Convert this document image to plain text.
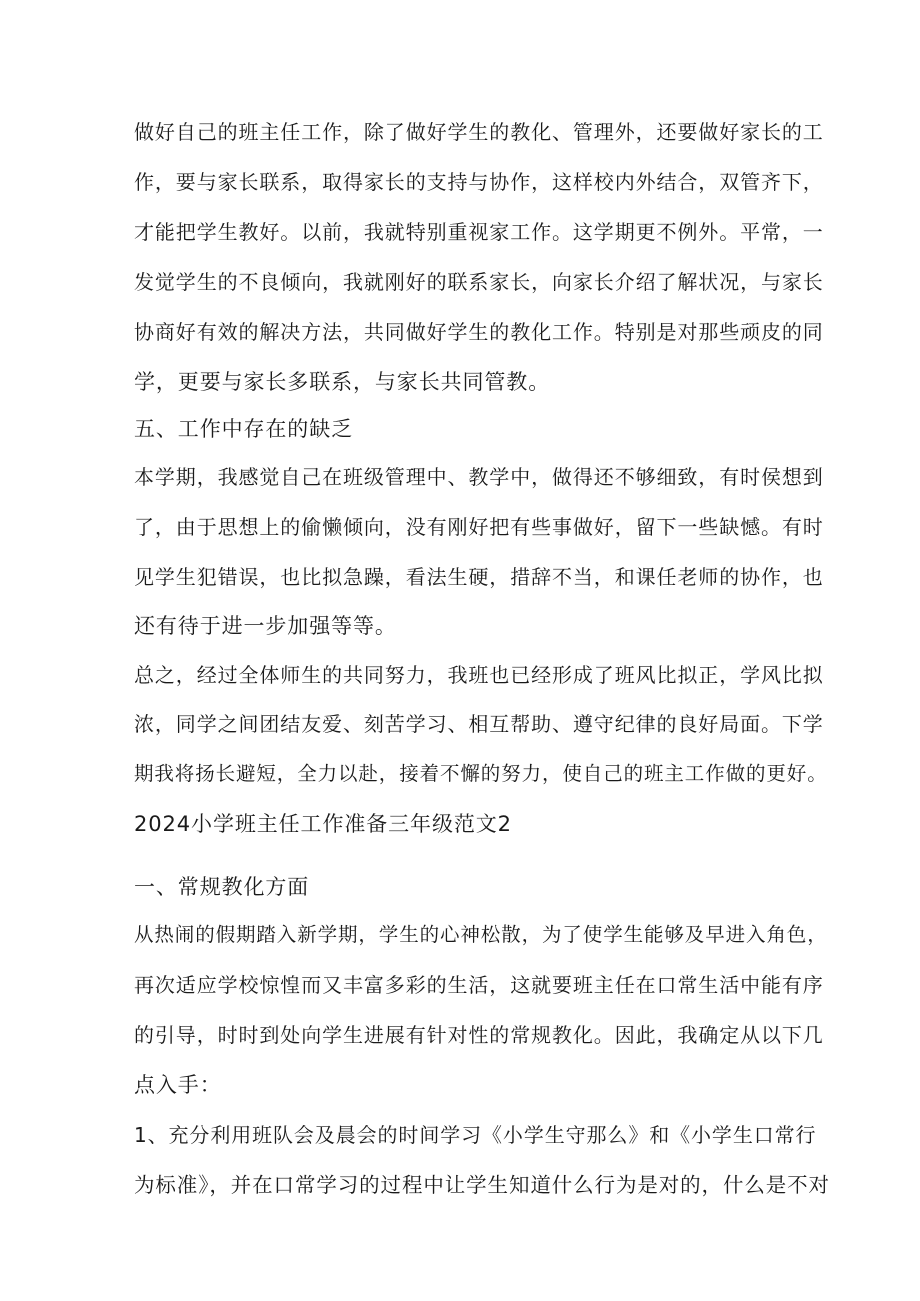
做好自己的班主任工作，除了做好学生的教化、管理外，还要做好家长的工

作，要与家长联系，取得家长的支持与协作，这样校内外结合，双管齐下，

才能把学生教好。以前，我就特别重视家工作。这学期更不例外。平常，一

发觉学生的不良倾向，我就刚好的联系家长，向家长介绍了解状况，与家长

协商好有效的解决方法，共同做好学生的教化工作。特别是对那些顽皮的同

学，更要与家长多联系，与家长共同管教。

五、工作中存在的缺乏

本学期，我感觉自己在班级管理中、教学中，做得还不够细致，有时侯想到

了，由于思想上的偷懒倾向，没有刚好把有些事做好，留下一些缺憾。有时

见学生犯错误，也比拟急躁，看法生硬，措辞不当，和课任老师的协作，也

还有待于进一步加强等等。

总之，经过全体师生的共同努力，我班也已经形成了班风比拟正，学风比拟

浓，同学之间团结友爱、刻苦学习、相互帮助、遵守纪律的良好局面。下学

期我将扬长避短，全力以赴，接着不懈的努力，使自己的班主工作做的更好。

2024小学班主任工作准备三年级范文2

一、常规教化方面

从热闹的假期踏入新学期，学生的心神松散，为了使学生能够及早进入角色，

再次适应学校惊惶而又丰富多彩的生活，这就要班主任在口常生活中能有序

的引导，时时到处向学生进展有针对性的常规教化。因此，我确定从以下几

点入手：

1、充分利用班队会及晨会的时间学习《小学生守那么》和《小学生口常行

为标准》，并在口常学习的过程中让学生知道什么行为是对的，什么是不对
